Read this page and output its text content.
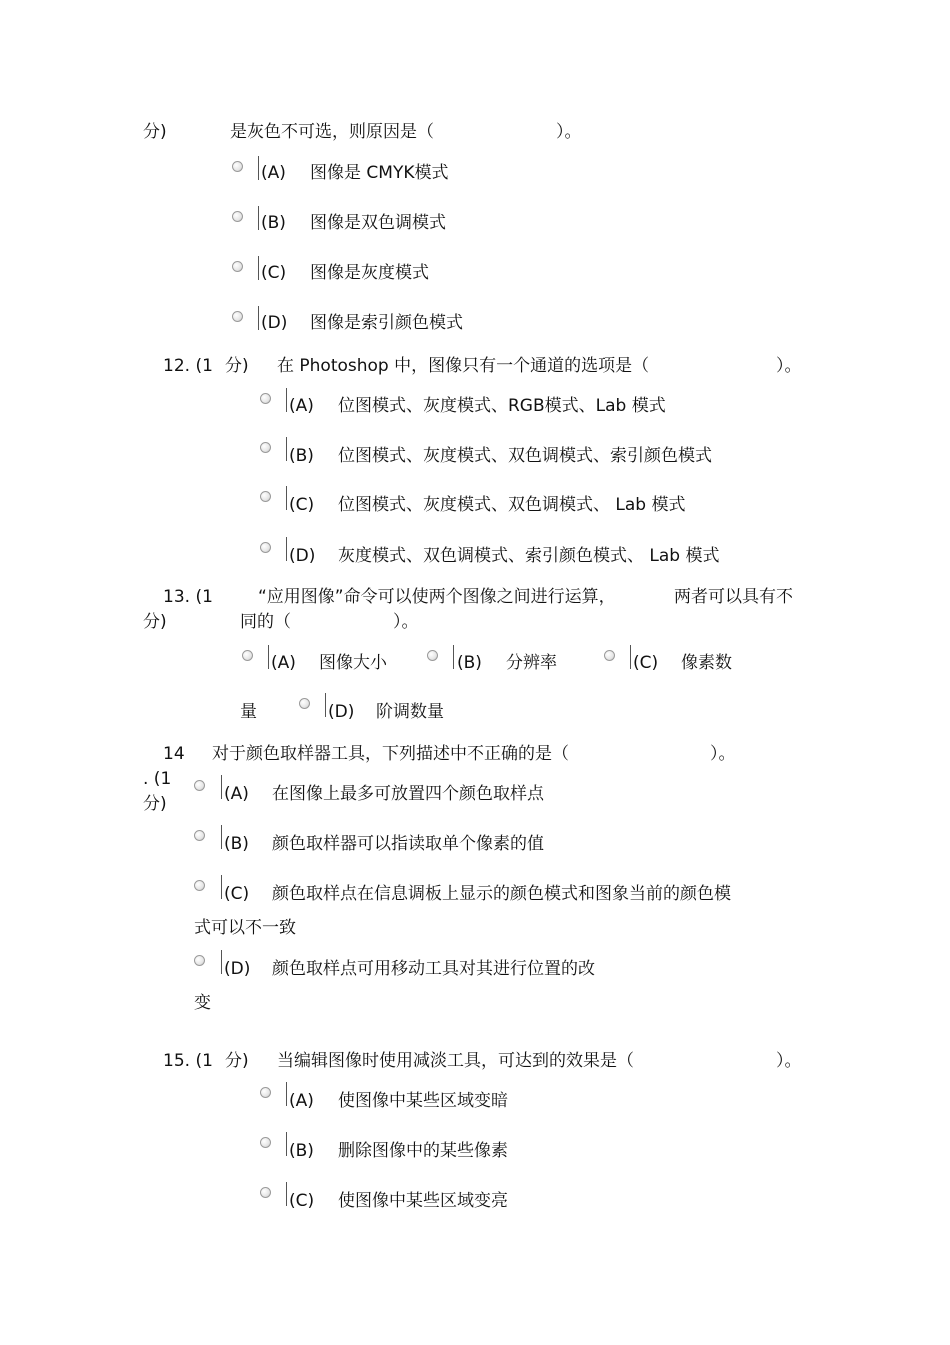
分)	是灰色不可选，则原因是（	）。
(A) 图像是 CMYK模式
(B) 图像是双色调模式
(C) 图像是灰度模式
(D) 图像是索引颜色模式
12. (1 分) 在 Photoshop 中，图像只有一个通道的选项是（	）。
(A) 位图模式、灰度模式、RGB模式、Lab 模式
(B) 位图模式、灰度模式、双色调模式、索引颜色模式
(C) 位图模式、灰度模式、双色调模式、 Lab 模式
(D) 灰度模式、双色调模式、索引颜色模式、 Lab 模式
13. (1
分)
“应用图像”命令可以使两个图像之间进行运算，	两者可以具有不
同的（	）。
(A) 图像大小	(B) 分辨率	(C) 像素数
量	(D) 阶调数量
14
. (1
分)
对于颜色取样器工具，下列描述中不正确的是（	）。
(A) 在图像上最多可放置四个颜色取样点
(B) 颜色取样器可以指读取单个像素的值
(C) 颜色取样点在信息调板上显示的颜色模式和图象当前的颜色模
式可以不一致
(D) 颜色取样点可用移动工具对其进行位置的改
变
15. (1 分) 当编辑图像时使用减淡工具，可达到的效果是（	）。
(A) 使图像中某些区域变暗
(B) 删除图像中的某些像素
(C) 使图像中某些区域变亮
